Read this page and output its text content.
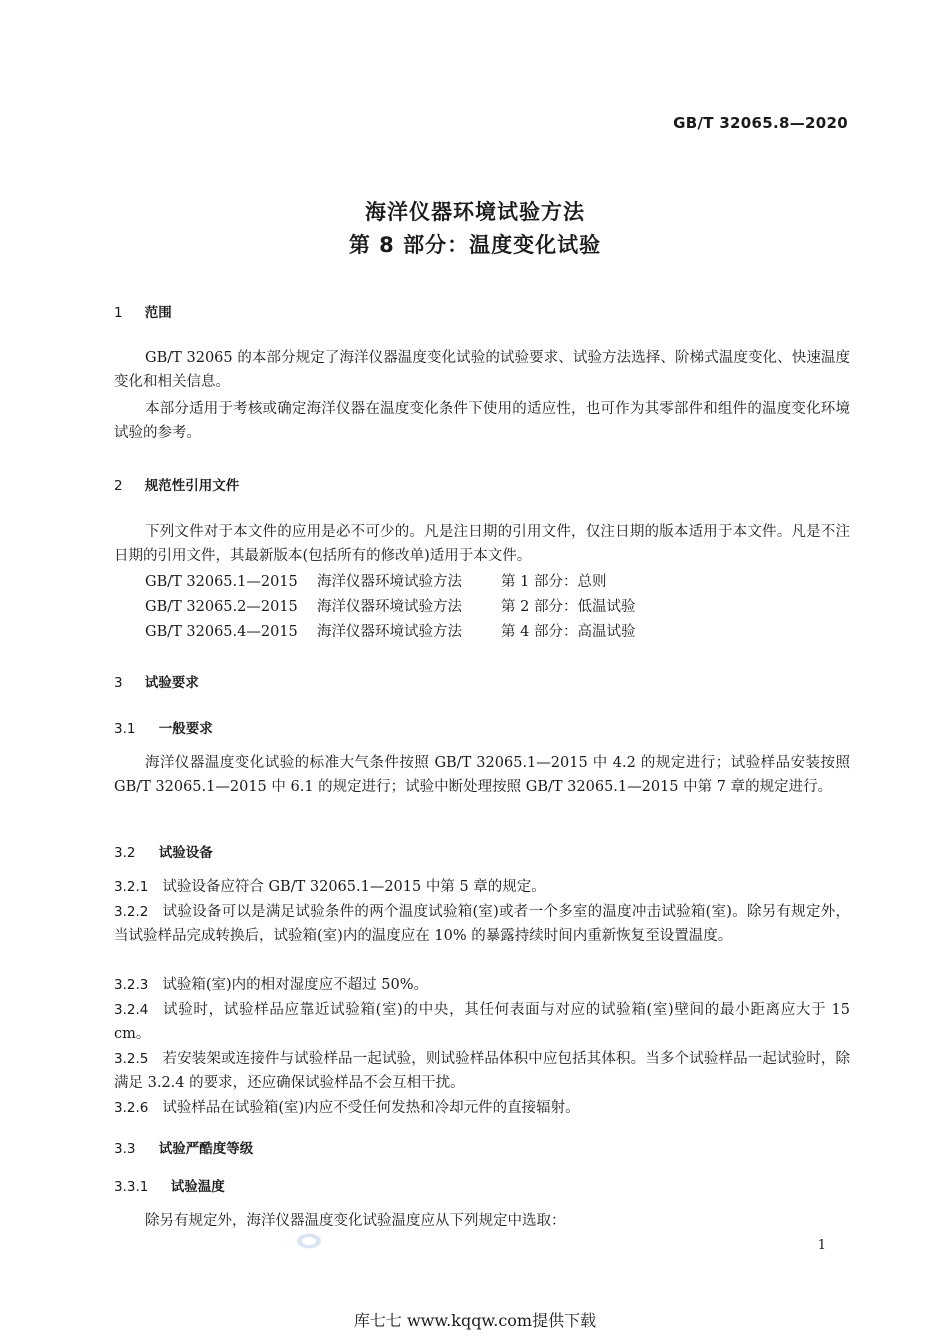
GB/T 32065.8—2020
海洋仪器环境试验方法
第 8 部分：温度变化试验
1 范围
GB/T 32065 的本部分规定了海洋仪器温度变化试验的试验要求、试验方法选择、阶梯式温度变化、快速温度变化和相关信息。
本部分适用于考核或确定海洋仪器在温度变化条件下使用的适应性，也可作为其零部件和组件的温度变化环境试验的参考。
2 规范性引用文件
下列文件对于本文件的应用是必不可少的。凡是注日期的引用文件，仅注日期的版本适用于本文件。凡是不注日期的引用文件，其最新版本(包括所有的修改单)适用于本文件。
GB/T 32065.1—2015 海洋仪器环境试验方法	第 1 部分：总则
GB/T 32065.2—2015 海洋仪器环境试验方法	第 2 部分：低温试验
GB/T 32065.4—2015 海洋仪器环境试验方法	第 4 部分：高温试验
3 试验要求
3.1 一般要求
海洋仪器温度变化试验的标准大气条件按照 GB/T 32065.1—2015 中 4.2 的规定进行；试验样品安装按照 GB/T 32065.1—2015 中 6.1 的规定进行；试验中断处理按照 GB/T 32065.1—2015 中第 7 章的规定进行。
3.2 试验设备
3.2.1 试验设备应符合 GB/T 32065.1—2015 中第 5 章的规定。
3.2.2 试验设备可以是满足试验条件的两个温度试验箱(室)或者一个多室的温度冲击试验箱(室)。除另有规定外，当试验样品完成转换后，试验箱(室)内的温度应在 10% 的暴露持续时间内重新恢复至设置温度。
3.2.3 试验箱(室)内的相对湿度应不超过 50%。
3.2.4 试验时，试验样品应靠近试验箱(室)的中央，其任何表面与对应的试验箱(室)壁间的最小距离应大于 15 cm。
3.2.5 若安装架或连接件与试验样品一起试验，则试验样品体积中应包括其体积。当多个试验样品一起试验时，除满足 3.2.4 的要求，还应确保试验样品不会互相干扰。
3.2.6 试验样品在试验箱(室)内应不受任何发热和冷却元件的直接辐射。
3.3 试验严酷度等级
3.3.1 试验温度
除另有规定外，海洋仪器温度变化试验温度应从下列规定中选取：
1
库七七 www.kqqw.com提供下载
